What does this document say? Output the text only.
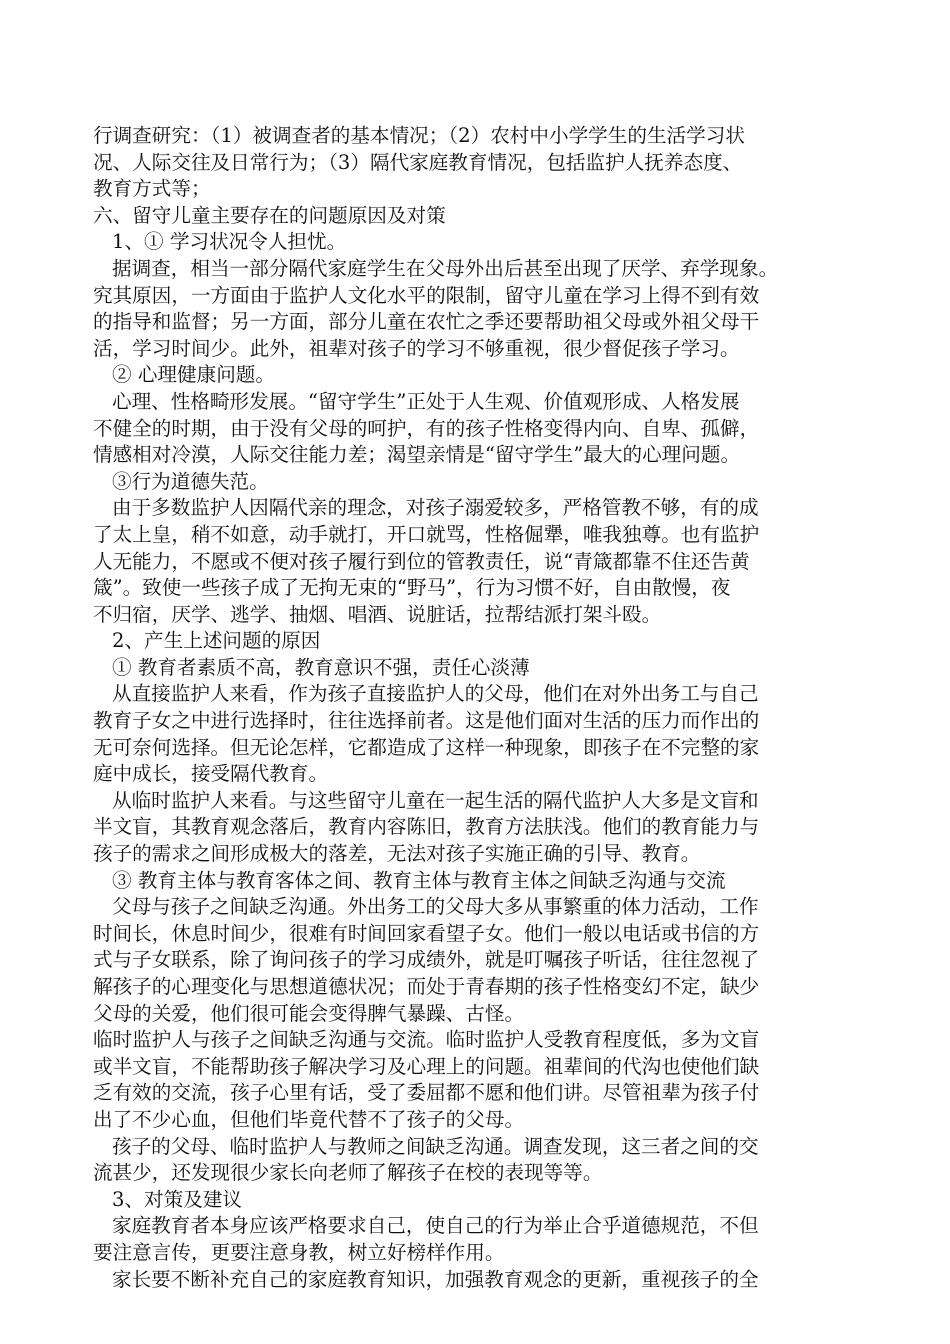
行调查研究：（1）被调查者的基本情况；（2）农村中小学学生的生活学习状
况、人际交往及日常行为；（3）隔代家庭教育情况，包括监护人抚养态度、
教育方式等；
六、留守儿童主要存在的问题原因及对策
1、① 学习状况令人担忧。
据调查，相当一部分隔代家庭学生在父母外出后甚至出现了厌学、弃学现象。
究其原因，一方面由于监护人文化水平的限制，留守儿童在学习上得不到有效
的指导和监督；另一方面，部分儿童在农忙之季还要帮助祖父母或外祖父母干
活，学习时间少。此外，祖辈对孩子的学习不够重视，很少督促孩子学习。
② 心理健康问题。
心理、性格畸形发展。“留守学生”正处于人生观、价值观形成、人格发展
不健全的时期，由于没有父母的呵护，有的孩子性格变得内向、自卑、孤僻，
情感相对冷漠，人际交往能力差；渴望亲情是“留守学生”最大的心理问题。
③行为道德失范。
由于多数监护人因隔代亲的理念，对孩子溺爱较多，严格管教不够，有的成
了太上皇，稍不如意，动手就打，开口就骂，性格倔犟，唯我独尊。也有监护
人无能力，不愿或不便对孩子履行到位的管教责任，说“青箴都靠不住还告黄
箴”。致使一些孩子成了无拘无束的“野马”，行为习惯不好，自由散慢，夜
不归宿，厌学、逃学、抽烟、唱酒、说脏话，拉帮结派打架斗殴。
2、产生上述问题的原因
① 教育者素质不高，教育意识不强，责任心淡薄
从直接监护人来看，作为孩子直接监护人的父母，他们在对外出务工与自己
教育子女之中进行选择时，往往选择前者。这是他们面对生活的压力而作出的
无可奈何选择。但无论怎样，它都造成了这样一种现象，即孩子在不完整的家
庭中成长，接受隔代教育。
从临时监护人来看。与这些留守儿童在一起生活的隔代监护人大多是文盲和
半文盲，其教育观念落后，教育内容陈旧，教育方法肤浅。他们的教育能力与
孩子的需求之间形成极大的落差，无法对孩子实施正确的引导、教育。
③ 教育主体与教育客体之间、教育主体与教育主体之间缺乏沟通与交流
父母与孩子之间缺乏沟通。外出务工的父母大多从事繁重的体力活动，工作
时间长，休息时间少，很难有时间回家看望子女。他们一般以电话或书信的方
式与子女联系，除了询问孩子的学习成绩外，就是叮嘱孩子听话，往往忽视了
解孩子的心理变化与思想道德状况；而处于青春期的孩子性格变幻不定，缺少
父母的关爱，他们很可能会变得脾气暴躁、古怪。
临时监护人与孩子之间缺乏沟通与交流。临时监护人受教育程度低，多为文盲
或半文盲，不能帮助孩子解决学习及心理上的问题。祖辈间的代沟也使他们缺
乏有效的交流，孩子心里有话，受了委屈都不愿和他们讲。尽管祖辈为孩子付
出了不少心血，但他们毕竟代替不了孩子的父母。
孩子的父母、临时监护人与教师之间缺乏沟通。调查发现，这三者之间的交
流甚少，还发现很少家长向老师了解孩子在校的表现等等。
3、对策及建议
家庭教育者本身应该严格要求自己，使自己的行为举止合乎道德规范，不但
要注意言传，更要注意身教，树立好榜样作用。
家长要不断补充自己的家庭教育知识，加强教育观念的更新，重视孩子的全
